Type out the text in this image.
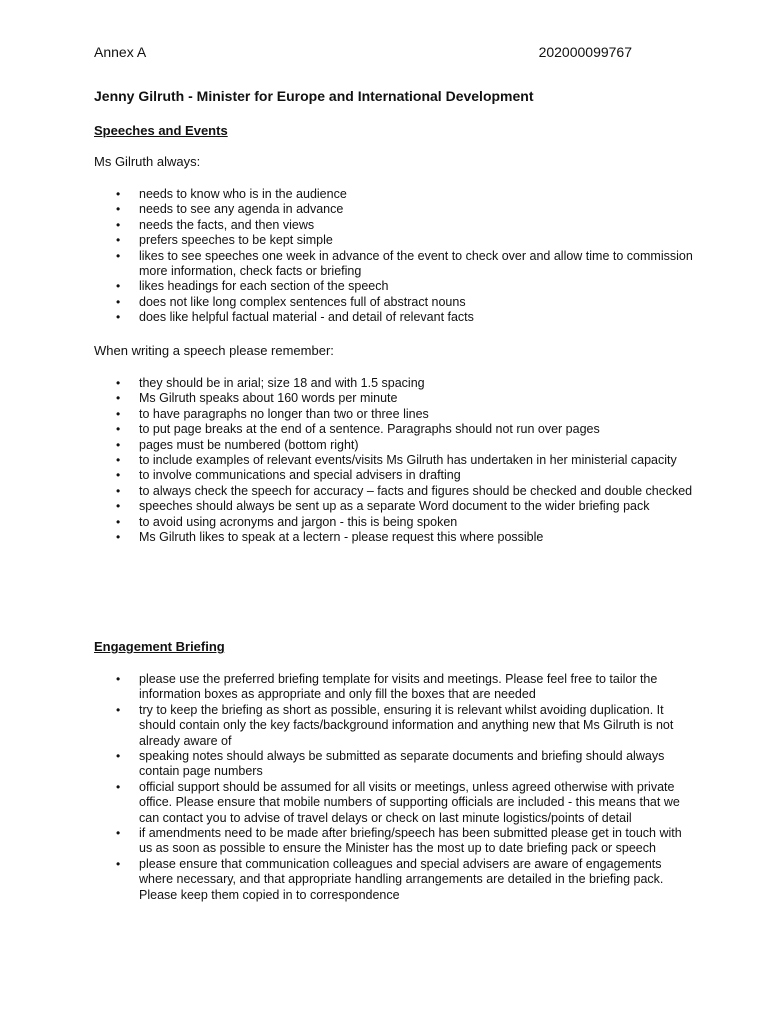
Annex A	202000099767
Jenny Gilruth - Minister for Europe and International Development
Speeches and Events
Ms Gilruth always:
• needs to know who is in the audience
• needs to see any agenda in advance
• needs the facts, and then views
• prefers speeches to be kept simple
• likes to see speeches one week in advance of the event to check over and allow time to commission more information, check facts or briefing
• likes headings for each section of the speech
• does not like long complex sentences full of abstract nouns
• does like helpful factual material - and detail of relevant facts
When writing a speech please remember:
• they should be in arial; size 18 and with 1.5 spacing
• Ms Gilruth speaks about 160 words per minute
• to have paragraphs no longer than two or three lines
• to put page breaks at the end of a sentence. Paragraphs should not run over pages
• pages must be numbered (bottom right)
• to include examples of relevant events/visits Ms Gilruth has undertaken in her ministerial capacity
• to involve communications and special advisers in drafting
• to always check the speech for accuracy – facts and figures should be checked and double checked
• speeches should always be sent up as a separate Word document to the wider briefing pack
• to avoid using acronyms and jargon - this is being spoken
• Ms Gilruth likes to speak at a lectern - please request this where possible
Engagement Briefing
• please use the preferred briefing template for visits and meetings. Please feel free to tailor the information boxes as appropriate and only fill the boxes that are needed
• try to keep the briefing as short as possible, ensuring it is relevant whilst avoiding duplication. It should contain only the key facts/background information and anything new that Ms Gilruth is not already aware of
• speaking notes should always be submitted as separate documents and briefing should always contain page numbers
• official support should be assumed for all visits or meetings, unless agreed otherwise with private office. Please ensure that mobile numbers of supporting officials are included - this means that we can contact you to advise of travel delays or check on last minute logistics/points of detail
• if amendments need to be made after briefing/speech has been submitted please get in touch with us as soon as possible to ensure the Minister has the most up to date briefing pack or speech
• please ensure that communication colleagues and special advisers are aware of engagements where necessary, and that appropriate handling arrangements are detailed in the briefing pack. Please keep them copied in to correspondence
